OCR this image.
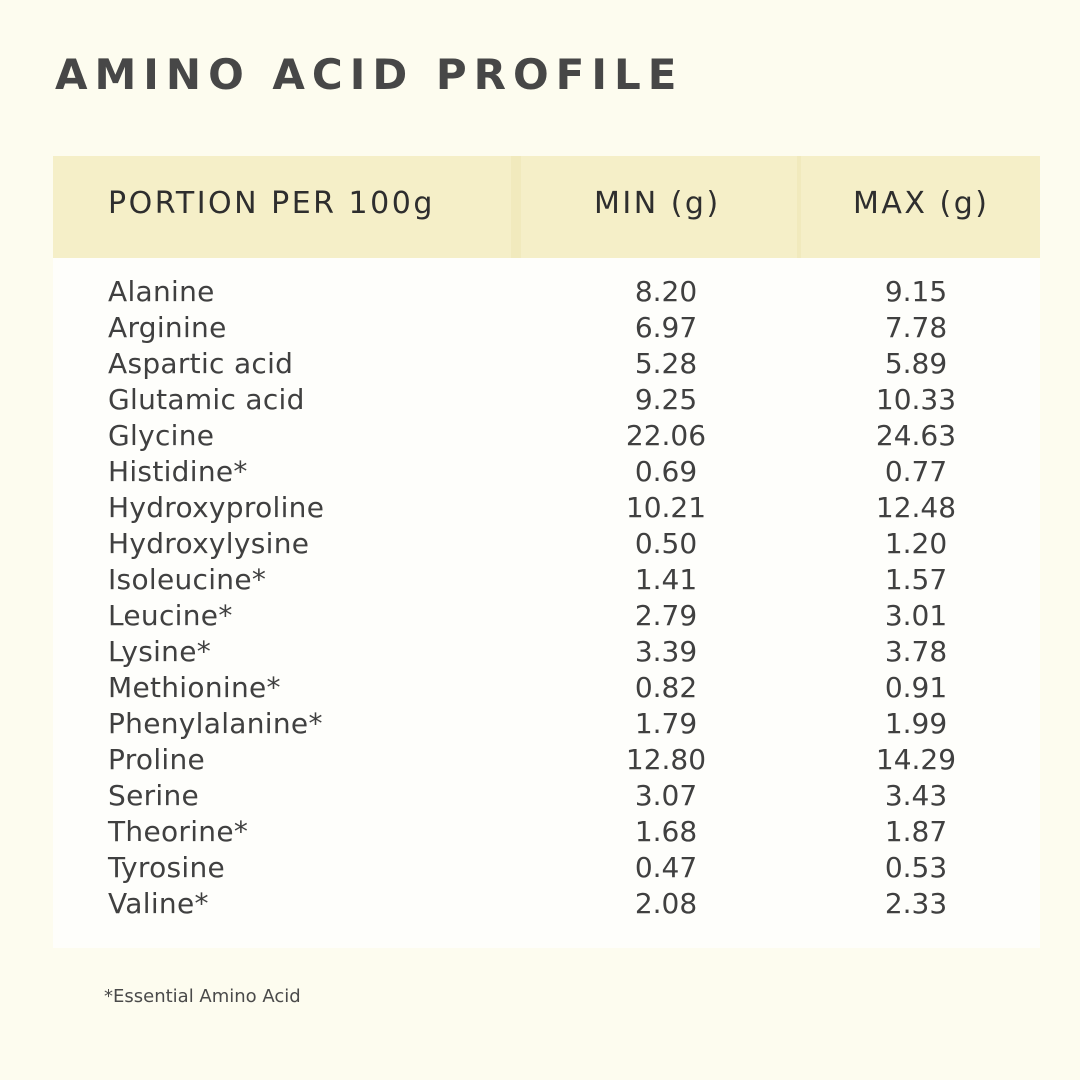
AMINO ACID PROFILE
PORTION PER 100g	MIN (g)	MAX (g)
Alanine	8.20	9.15
Arginine	6.97	7.78
Aspartic acid	5.28	5.89
Glutamic acid	9.25	10.33
Glycine	22.06	24.63
Histidine*	0.69	0.77
Hydroxyproline	10.21	12.48
Hydroxylysine	0.50	1.20
Isoleucine*	1.41	1.57
Leucine*	2.79	3.01
Lysine*	3.39	3.78
Methionine*	0.82	0.91
Phenylalanine*	1.79	1.99
Proline	12.80	14.29
Serine	3.07	3.43
Theorine*	1.68	1.87
Tyrosine	0.47	0.53
Valine*	2.08	2.33
*Essential Amino Acid
